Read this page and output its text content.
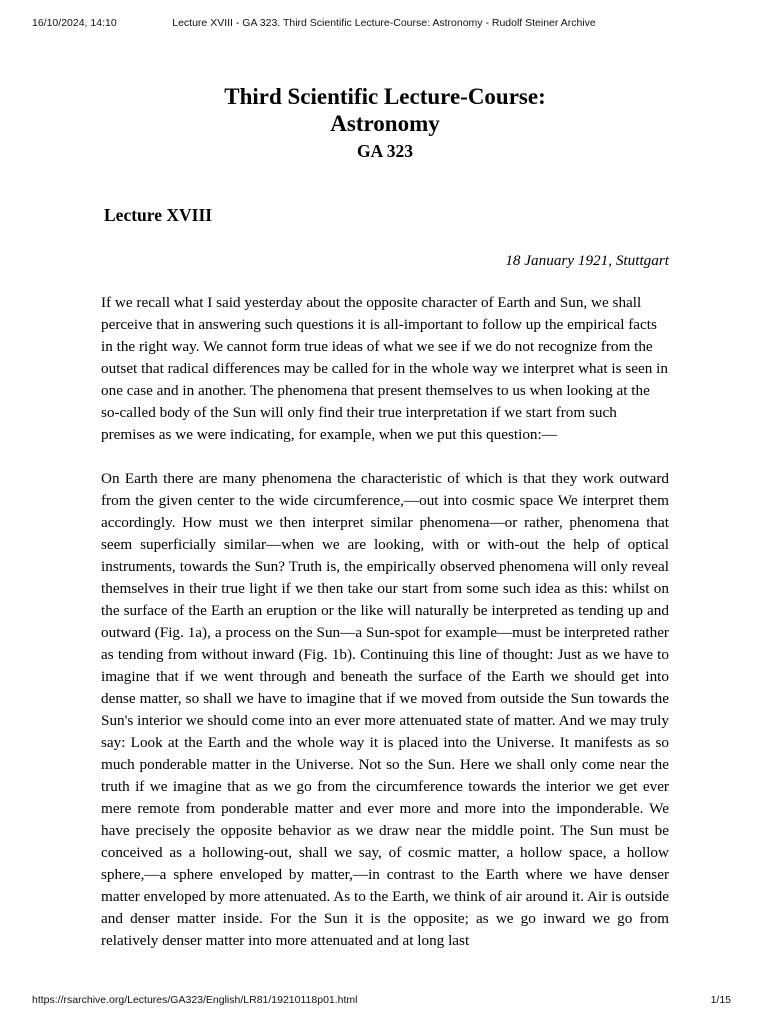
16/10/2024, 14:10	Lecture XVIII - GA 323. Third Scientific Lecture-Course: Astronomy - Rudolf Steiner Archive
Third Scientific Lecture-Course:
Astronomy
GA 323
Lecture XVIII
18 January 1921, Stuttgart

If we recall what I said yesterday about the opposite character of Earth and Sun, we shall perceive that in answering such questions it is all-important to follow up the empirical facts in the right way. We cannot form true ideas of what we see if we do not recognize from the outset that radical differences may be called for in the whole way we interpret what is seen in one case and in another. The phenomena that present themselves to us when looking at the so-called body of the Sun will only find their true interpretation if we start from such premises as we were indicating, for example, when we put this question:—

On Earth there are many phenomena the characteristic of which is that they work outward from the given center to the wide circumference,—out into cosmic space We interpret them accordingly. How must we then interpret similar phenomena—or rather, phenomena that seem superficially similar—when we are looking, with or with-out the help of optical instruments, towards the Sun? Truth is, the empirically observed phenomena will only reveal themselves in their true light if we then take our start from some such idea as this: whilst on the surface of the Earth an eruption or the like will naturally be interpreted as tending up and outward (Fig. 1a), a process on the Sun—a Sun-spot for example—must be interpreted rather as tending from without inward (Fig. 1b). Continuing this line of thought: Just as we have to imagine that if we went through and beneath the surface of the Earth we should get into dense matter, so shall we have to imagine that if we moved from outside the Sun towards the Sun's interior we should come into an ever more attenuated state of matter. And we may truly say: Look at the Earth and the whole way it is placed into the Universe. It manifests as so much ponderable matter in the Universe. Not so the Sun. Here we shall only come near the truth if we imagine that as we go from the circumference towards the interior we get ever mere remote from ponderable matter and ever more and more into the imponderable. We have precisely the opposite behavior as we draw near the middle point. The Sun must be conceived as a hollowing-out, shall we say, of cosmic matter, a hollow space, a hollow sphere,—a sphere enveloped by matter,—in contrast to the Earth where we have denser matter enveloped by more attenuated. As to the Earth, we think of air around it. Air is outside and denser matter inside. For the Sun it is the opposite; as we go inward we go from relatively denser matter into more attenuated and at long last

https://rsarchive.org/Lectures/GA323/English/LR81/19210118p01.html	1/15
